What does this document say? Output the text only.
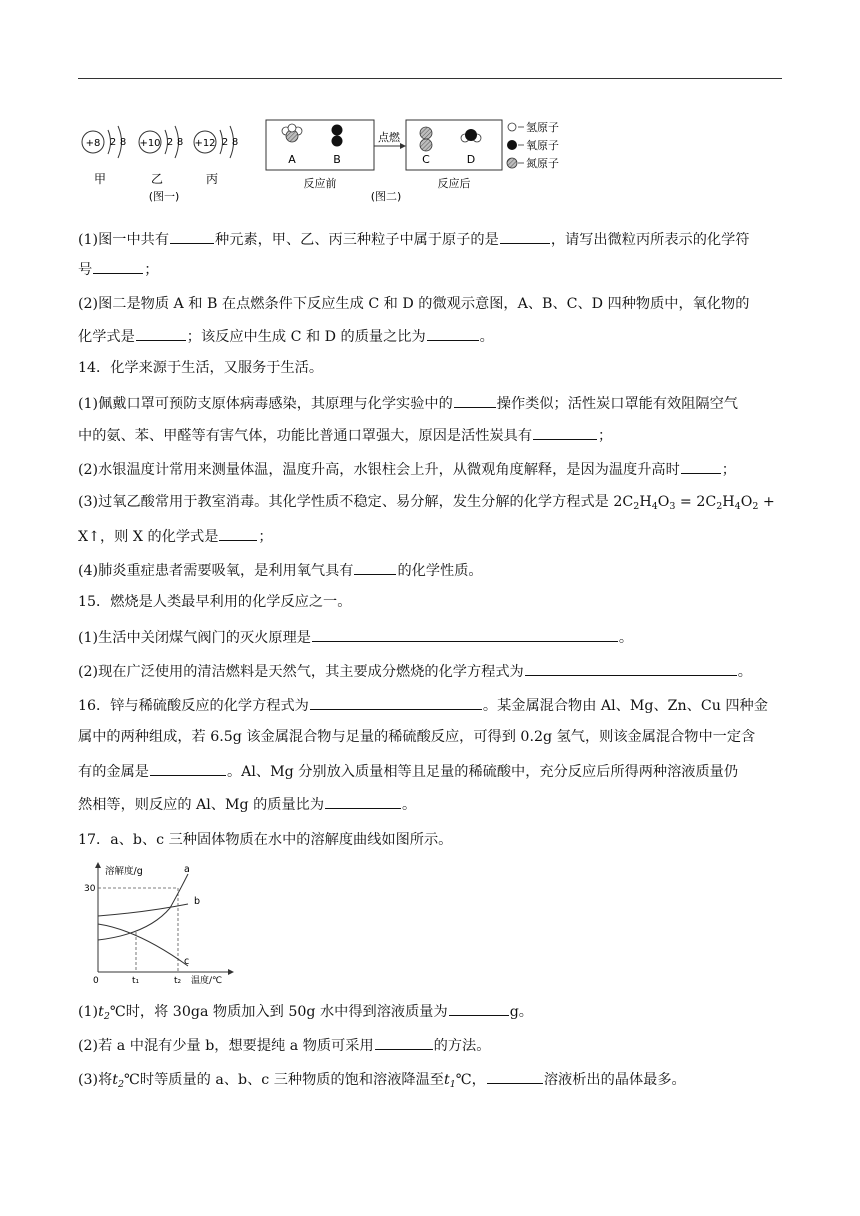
+8 2 8
甲
+10 2 8
乙
+12 2 8
丙
(图一)
A	B
点燃
C	D
反应前	反应后
(图二)
氢原子
氧原子
氮原子
(1)图一中共有	种元素，甲、乙、丙三种粒子中属于原子的是	，请写出微粒丙所表示的化学符
号	；
(2)图二是物质 A 和 B 在点燃条件下反应生成 C 和 D 的微观示意图，A、B、C、D 四种物质中，氧化物的
化学式是	；该反应中生成 C 和 D 的质量之比为	。
14．化学来源于生活，又服务于生活。
(1)佩戴口罩可预防支原体病毒感染，其原理与化学实验中的	操作类似；活性炭口罩能有效阻隔空气
中的氨、苯、甲醛等有害气体，功能比普通口罩强大，原因是活性炭具有	；
(2)水银温度计常用来测量体温，温度升高，水银柱会上升，从微观角度解释，是因为温度升高时	；
(3)过氧乙酸常用于教室消毒。其化学性质不稳定、易分解，发生分解的化学方程式是 $2C_2H_4O_3 = 2C_2H_4O_2$ +
X↑，则 X 的化学式是	；
(4)肺炎重症患者需要吸氧，是利用氧气具有	的化学性质。
15．燃烧是人类最早利用的化学反应之一。
(1)生活中关闭煤气阀门的灭火原理是	。
(2)现在广泛使用的清洁燃料是天然气，其主要成分燃烧的化学方程式为	。
16．锌与稀硫酸反应的化学方程式为	。某金属混合物由 Al、Mg、Zn、Cu 四种金
属中的两种组成，若 6.5g 该金属混合物与足量的稀硫酸反应，可得到 0.2g 氢气，则该金属混合物中一定含
有的金属是	。Al、Mg 分别放入质量相等且足量的稀硫酸中，充分反应后所得两种溶液质量仍
然相等，则反应的 Al、Mg 的质量比为	。
17．a、b、c 三种固体物质在水中的溶解度曲线如图所示。
溶解度/g
30
0	t₁	t₂ 温度/℃
a
b
c
$(1)t_2℃$时，将 30ga 物质加入到 50g 水中得到溶液质量为	g。
(2)若 a 中混有少量 b，想要提纯 a 物质可采用	的方法。
(3)将$t_2℃$时等质量的 a、b、c 三种物质的饱和溶液降温至$t_1℃$，	溶液析出的晶体最多。
